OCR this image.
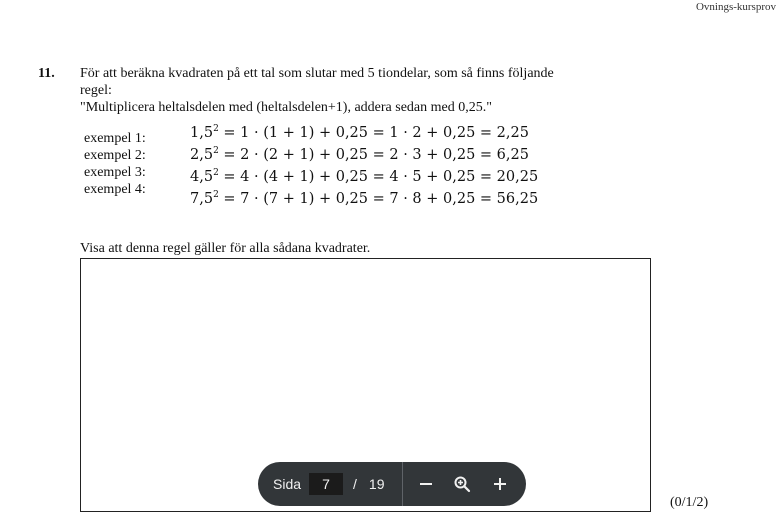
Ovnings-kursprov
11. För att beräkna kvadraten på ett tal som slutar med 5 tiondelar, som så finns följande
regel:
"Multiplicera heltalsdelen med (heltalsdelen+1), addera sedan med 0,25."
exempel 1:
exempel 2:
exempel 3:
exempel 4:
$1,5^2 = 1 \cdot (1 + 1) + 0,25 = 1 \cdot 2 + 0,25 = 2,25$
$2,5^2 = 2 \cdot (2 + 1) + 0,25 = 2 \cdot 3 + 0,25 = 6,25$
$4,5^2 = 4 \cdot (4 + 1) + 0,25 = 4 \cdot 5 + 0,25 = 20,25$
$7,5^2 = 7 \cdot (7 + 1) + 0,25 = 7 \cdot 8 + 0,25 = 56,25$
Visa att denna regel gäller för alla sådana kvadrater.
(0/1/2)
Sida
7	/ 19
